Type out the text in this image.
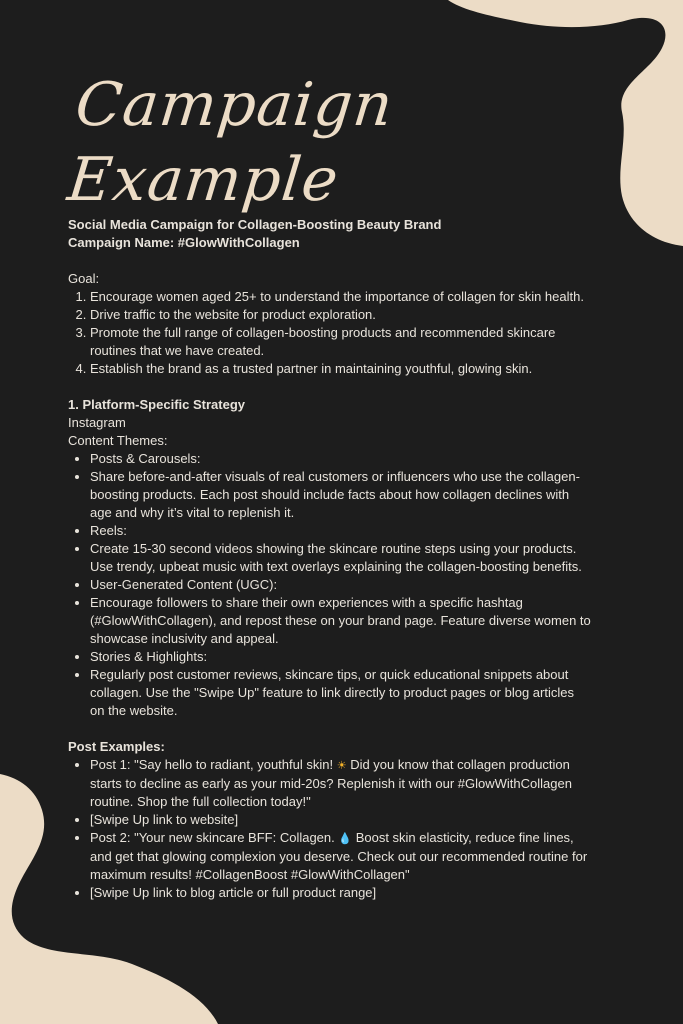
Campaign Example
Social Media Campaign for Collagen-Boosting Beauty Brand
Campaign Name: #GlowWithCollagen
Goal:
1. Encourage women aged 25+ to understand the importance of collagen for skin health.
2. Drive traffic to the website for product exploration.
3. Promote the full range of collagen-boosting products and recommended skincare routines that we have created.
4. Establish the brand as a trusted partner in maintaining youthful, glowing skin.
1. Platform-Specific Strategy
Instagram
Content Themes:
• Posts & Carousels:
• Share before-and-after visuals of real customers or influencers who use the collagen-boosting products. Each post should include facts about how collagen declines with age and why it’s vital to replenish it.
• Reels:
• Create 15-30 second videos showing the skincare routine steps using your products. Use trendy, upbeat music with text overlays explaining the collagen-boosting benefits.
• User-Generated Content (UGC):
• Encourage followers to share their own experiences with a specific hashtag (#GlowWithCollagen), and repost these on your brand page. Feature diverse women to showcase inclusivity and appeal.
• Stories & Highlights:
• Regularly post customer reviews, skincare tips, or quick educational snippets about collagen. Use the "Swipe Up" feature to link directly to product pages or blog articles on the website.
Post Examples:
• Post 1: "Say hello to radiant, youthful skin! ☀ Did you know that collagen production starts to decline as early as your mid-20s? Replenish it with our #GlowWithCollagen routine. Shop the full collection today!"
• [Swipe Up link to website]
• Post 2: "Your new skincare BFF: Collagen. 💧 Boost skin elasticity, reduce fine lines, and get that glowing complexion you deserve. Check out our recommended routine for maximum results! #CollagenBoost #GlowWithCollagen"
• [Swipe Up link to blog article or full product range]
